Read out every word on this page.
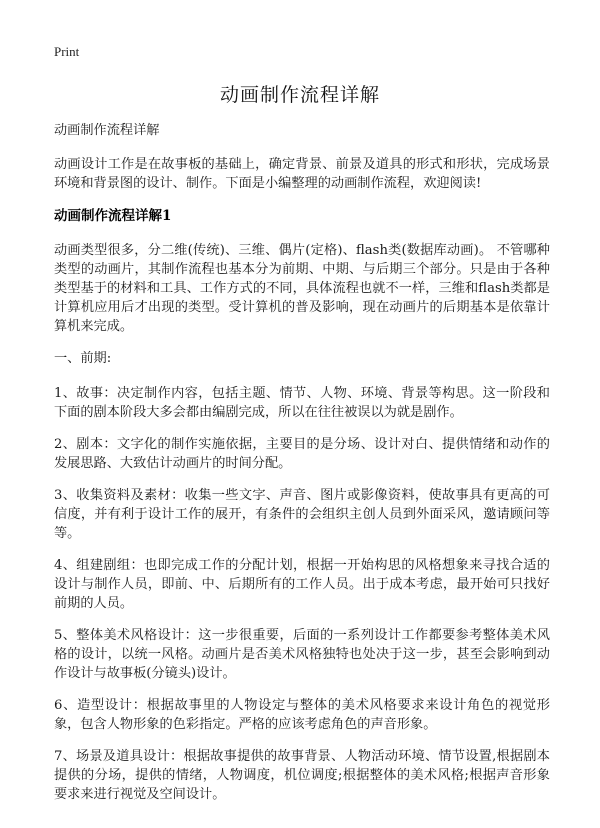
Print
动画制作流程详解

动画制作流程详解

动画设计工作是在故事板的基础上，确定背景、前景及道具的形式和形状，完成场景环境和背景图的设计、制作。下面是小编整理的动画制作流程，欢迎阅读!

动画制作流程详解1

动画类型很多，分二维(传统)、三维、偶片(定格)、flash类(数据库动画)。 不管哪种类型的动画片，其制作流程也基本分为前期、中期、与后期三个部分。只是由于各种类型基于的材料和工具、工作方式的不同，具体流程也就不一样，三维和flash类都是计算机应用后才出现的类型。受计算机的普及影响，现在动画片的后期基本是依靠计算机来完成。

一、前期:

1、故事：决定制作内容，包括主题、情节、人物、环境、背景等构思。这一阶段和下面的剧本阶段大多会都由编剧完成，所以在往往被误以为就是剧作。

2、剧本：文字化的制作实施依据，主要目的是分场、设计对白、提供情绪和动作的发展思路、大致估计动画片的时间分配。

3、收集资料及素材：收集一些文字、声音、图片或影像资料，使故事具有更高的可信度，并有利于设计工作的展开，有条件的会组织主创人员到外面采风，邀请顾问等等。

4、组建剧组：也即完成工作的分配计划，根据一开始构思的风格想象来寻找合适的设计与制作人员，即前、中、后期所有的工作人员。出于成本考虑，最开始可只找好前期的人员。

5、整体美术风格设计：这一步很重要，后面的一系列设计工作都要参考整体美术风格的设计，以统一风格。动画片是否美术风格独特也处决于这一步，甚至会影响到动作设计与故事板(分镜头)设计。

6、造型设计：根据故事里的人物设定与整体的美术风格要求来设计角色的视觉形象，包含人物形象的色彩指定。严格的应该考虑角色的声音形象。

7、场景及道具设计：根据故事提供的故事背景、人物活动环境、情节设置,根据剧本提供的分场，提供的情绪，人物调度，机位调度;根据整体的美术风格;根据声音形象要求来进行视觉及空间设计。
